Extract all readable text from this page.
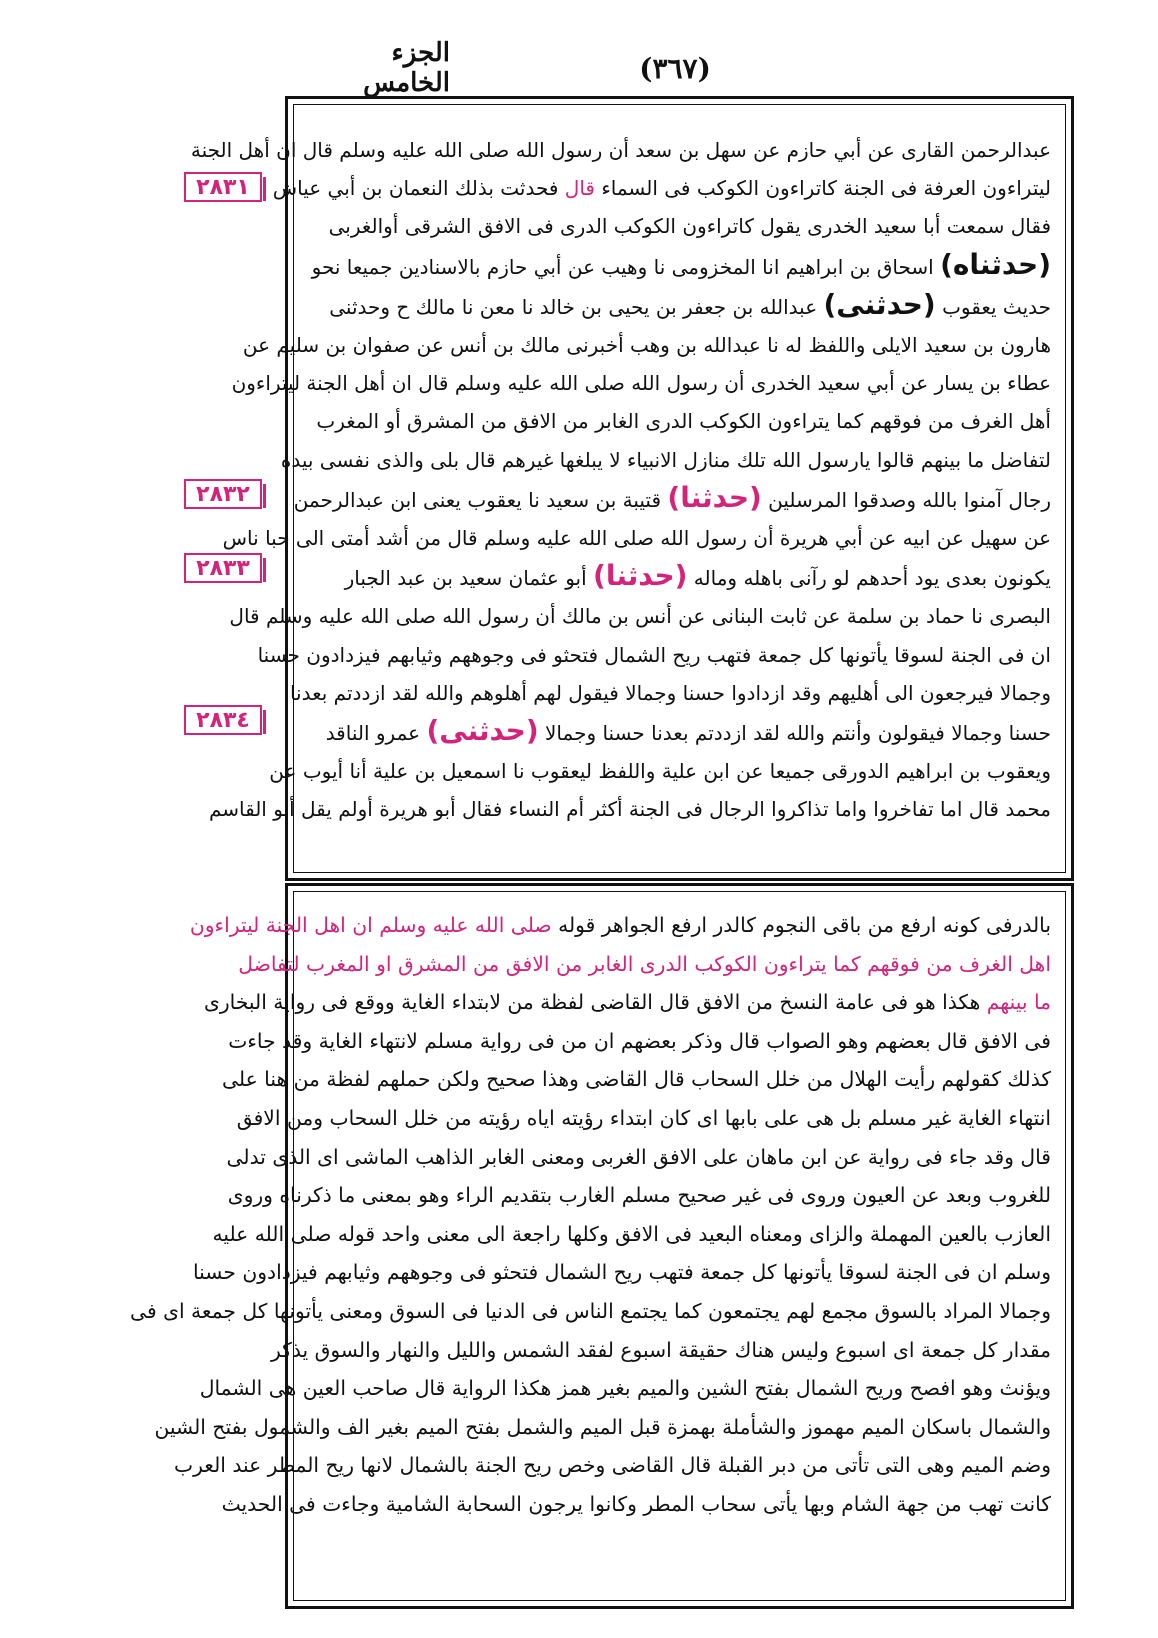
الجزء الخامس	(٣٦٧)
٢٨٣١
٢٨٣٢
٢٨٣٣
٢٨٣٤
عبدالرحمن القارى عن أبي حازم عن سهل بن سعد أن رسول الله صلى الله عليه وسلم قال ان أهل الجنة
ليتراءون العرفة فى الجنة كاتراءون الكوكب فى السماء قال فحدثت بذلك النعمان بن أبي عياش
فقال سمعت أبا سعيد الخدرى يقول كاتراءون الكوكب الدرى فى الافق الشرقى أوالغربى
(حدثناه) اسحاق بن ابراهيم انا المخزومى نا وهيب عن أبي حازم بالاسنادين جميعا نحو
حديث يعقوب (حدثنى) عبدالله بن جعفر بن يحيى بن خالد نا معن نا مالك ح وحدثنى
هارون بن سعيد الايلى واللفظ له نا عبدالله بن وهب أخبرنى مالك بن أنس عن صفوان بن سليم عن
عطاء بن يسار عن أبي سعيد الخدرى أن رسول الله صلى الله عليه وسلم قال ان أهل الجنة ليتراءون
أهل الغرف من فوقهم كما يتراءون الكوكب الدرى الغابر من الافق من المشرق أو المغرب
لتفاضل ما بينهم قالوا يارسول الله تلك منازل الانبياء لا يبلغها غيرهم قال بلى والذى نفسى بيده
رجال آمنوا بالله وصدقوا المرسلين (حدثنا) قتيبة بن سعيد نا يعقوب يعنى ابن عبدالرحمن
عن سهيل عن ابيه عن أبي هريرة أن رسول الله صلى الله عليه وسلم قال من أشد أمتى الى حبا ناس
يكونون بعدى يود أحدهم لو رآنى باهله وماله (حدثنا) أبو عثمان سعيد بن عبد الجبار
البصرى نا حماد بن سلمة عن ثابت البنانى عن أنس بن مالك أن رسول الله صلى الله عليه وسلم قال
ان فى الجنة لسوقا يأتونها كل جمعة فتهب ريح الشمال فتحثو فى وجوههم وثيابهم فيزدادون حسنا
وجمالا فيرجعون الى أهليهم وقد ازدادوا حسنا وجمالا فيقول لهم أهلوهم والله لقد ازددتم بعدنا
حسنا وجمالا فيقولون وأنتم والله لقد ازددتم بعدنا حسنا وجمالا (حدثنى) عمرو الناقد
ويعقوب بن ابراهيم الدورقى جميعا عن ابن علية واللفظ ليعقوب نا اسمعيل بن علية أنا أيوب عن
محمد قال اما تفاخروا واما تذاكروا الرجال فى الجنة أكثر أم النساء فقال أبو هريرة أولم يقل أبو القاسم
بالدرفى كونه ارفع من باقى النجوم كالدر ارفع الجواهر قوله صلى الله عليه وسلم ان اهل الجنة ليتراءون
اهل الغرف من فوقهم كما يتراءون الكوكب الدرى الغابر من الافق من المشرق او المغرب لتفاضل
ما بينهم هكذا هو فى عامة النسخ من الافق قال القاضى لفظة من لابتداء الغاية ووقع فى رواية البخارى
فى الافق قال بعضهم وهو الصواب قال وذكر بعضهم ان من فى رواية مسلم لانتهاء الغاية وقد جاءت
كذلك كقولهم رأيت الهلال من خلل السحاب قال القاضى وهذا صحيح ولكن حملهم لفظة من هنا على
انتهاء الغاية غير مسلم بل هى على بابها اى كان ابتداء رؤيته اياه رؤيته من خلل السحاب ومن الافق
قال وقد جاء فى رواية عن ابن ماهان على الافق الغربى ومعنى الغابر الذاهب الماشى اى الذى تدلى
للغروب وبعد عن العيون وروى فى غير صحيح مسلم الغارب بتقديم الراء وهو بمعنى ما ذكرناه وروى
العازب بالعين المهملة والزاى ومعناه البعيد فى الافق وكلها راجعة الى معنى واحد قوله صلى الله عليه
وسلم ان فى الجنة لسوقا يأتونها كل جمعة فتهب ريح الشمال فتحثو فى وجوههم وثيابهم فيزدادون حسنا
وجمالا المراد بالسوق مجمع لهم يجتمعون كما يجتمع الناس فى الدنيا فى السوق ومعنى يأتونها كل جمعة اى فى
مقدار كل جمعة اى اسبوع وليس هناك حقيقة اسبوع لفقد الشمس والليل والنهار والسوق يذكر
ويؤنث وهو افصح وريح الشمال بفتح الشين والميم بغير همز هكذا الرواية قال صاحب العين هى الشمال
والشمال باسكان الميم مهموز والشأملة بهمزة قبل الميم والشمل بفتح الميم بغير الف والشمول بفتح الشين
وضم الميم وهى التى تأتى من دبر القبلة قال القاضى وخص ريح الجنة بالشمال لانها ريح المطر عند العرب
كانت تهب من جهة الشام وبها يأتى سحاب المطر وكانوا يرجون السحابة الشامية وجاءت فى الحديث
